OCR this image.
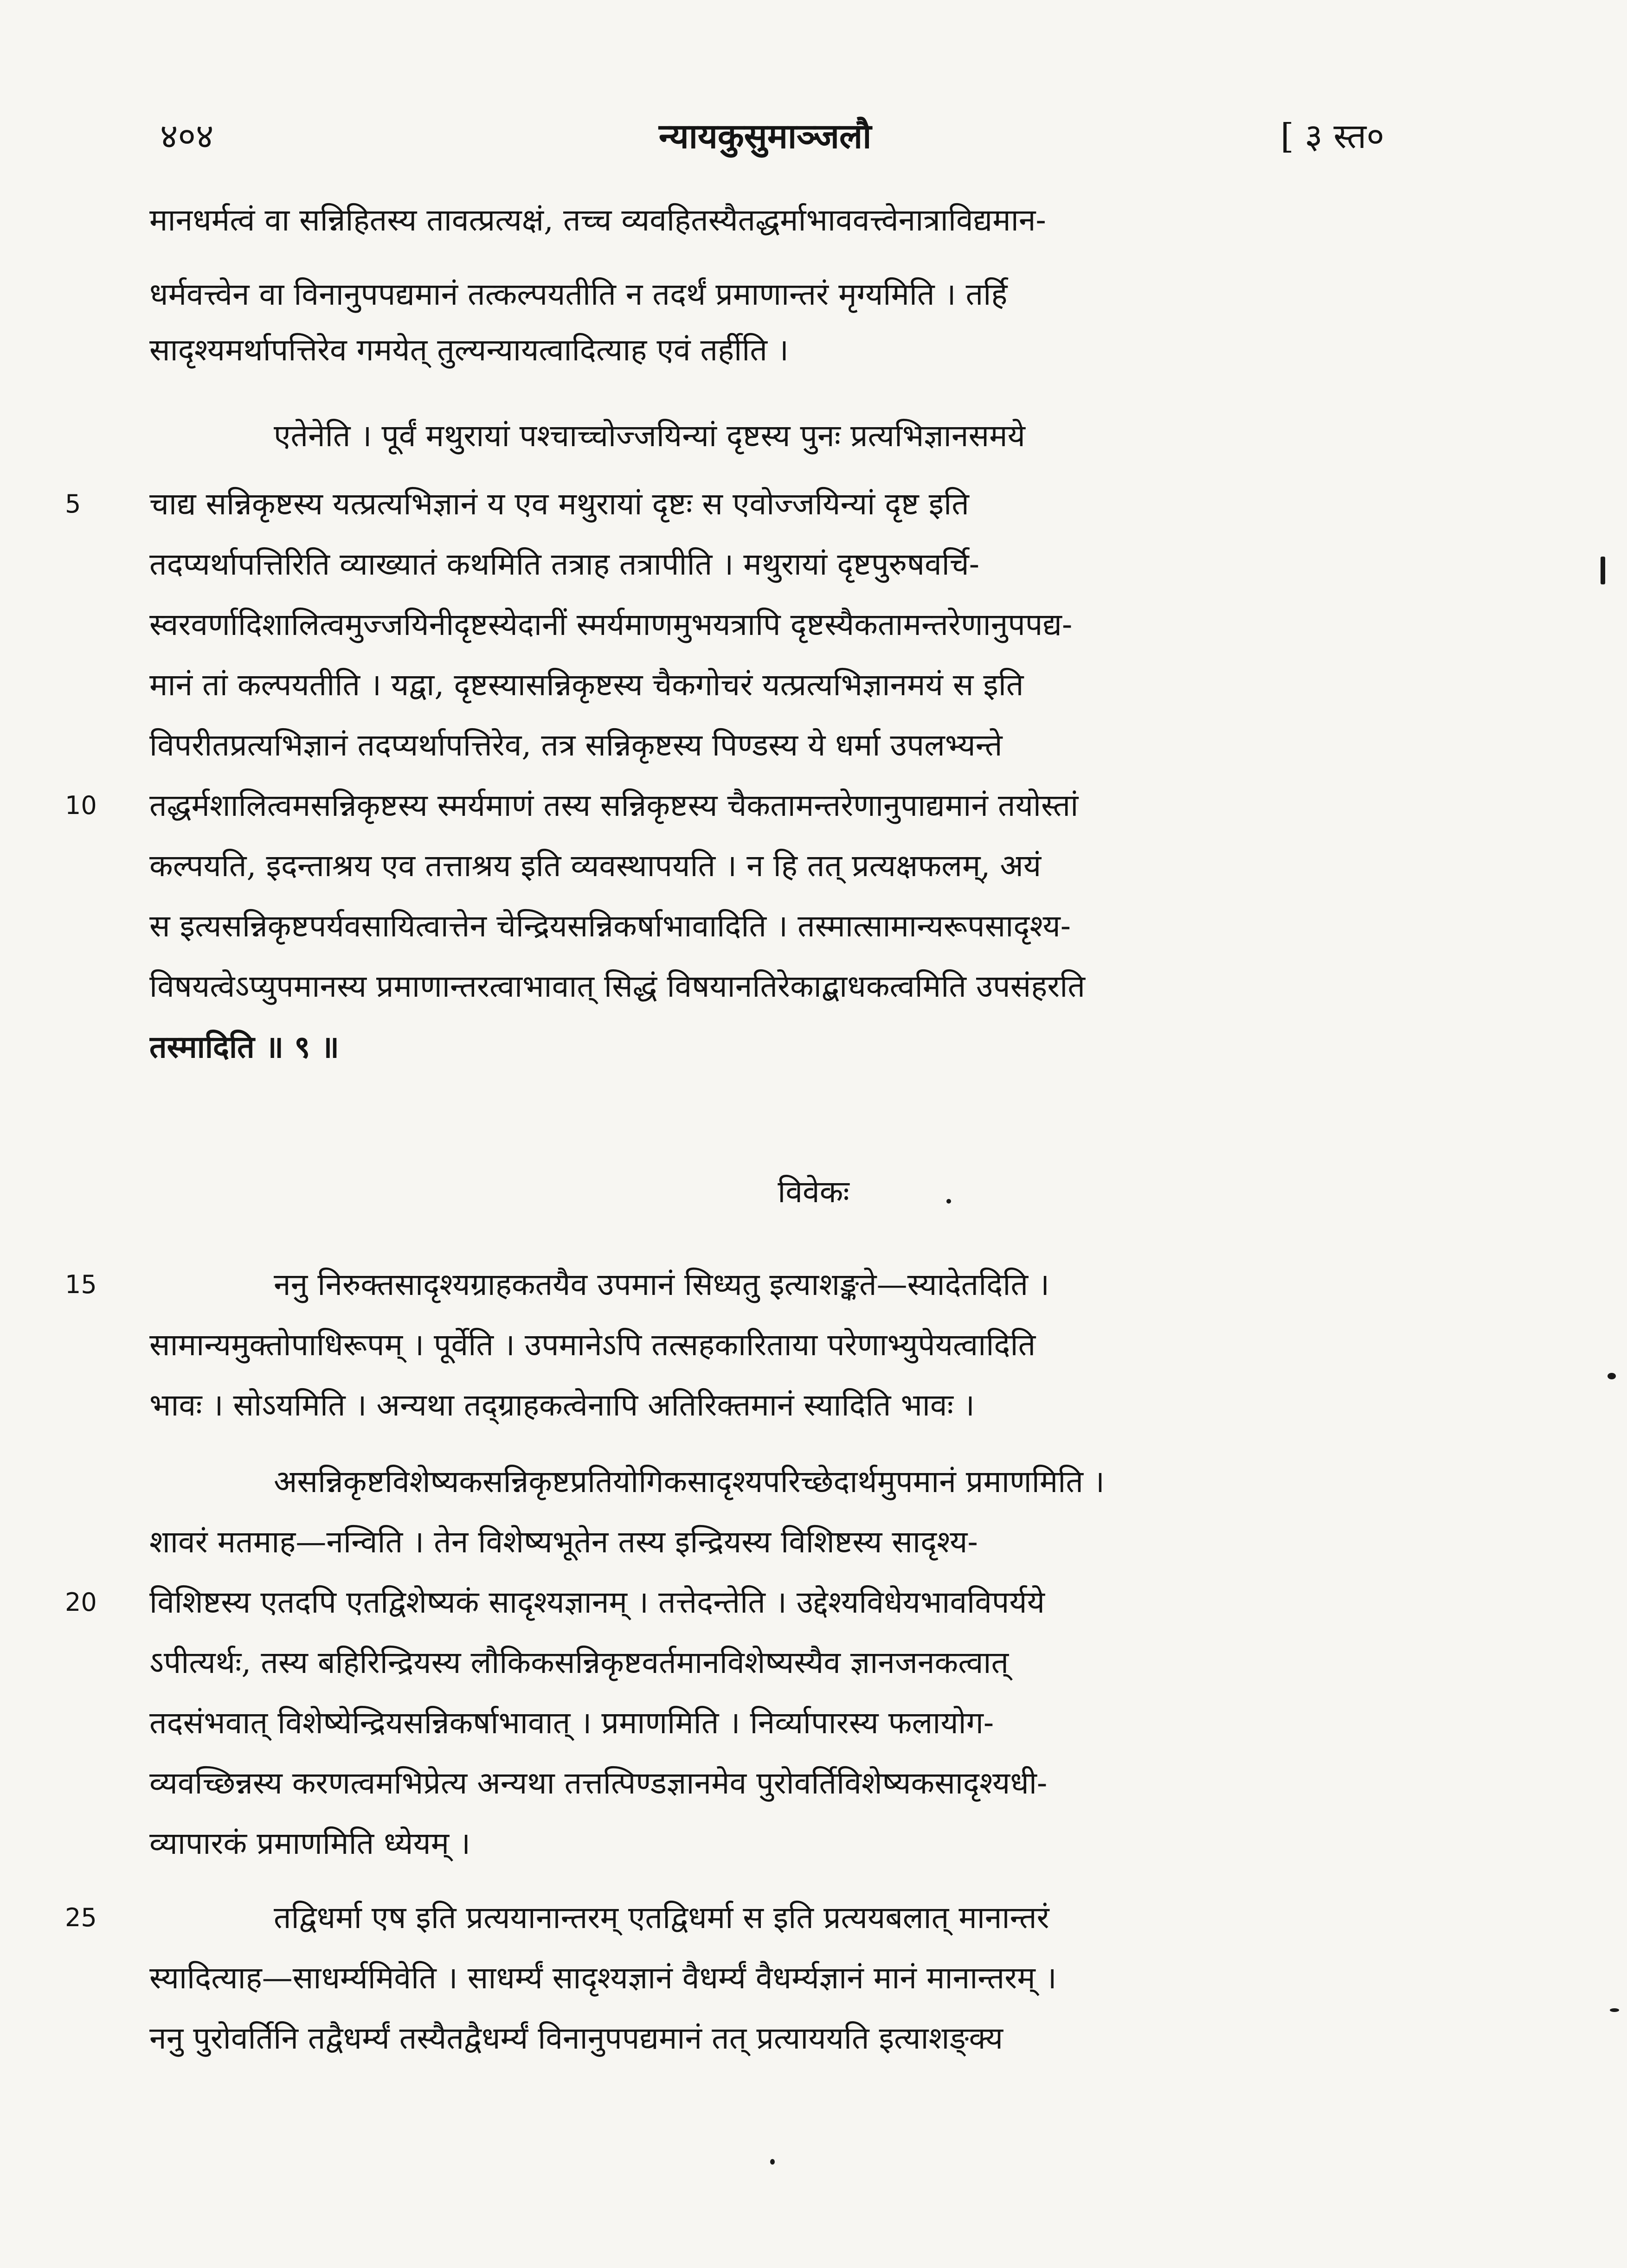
४०४	न्यायकुसुमाञ्जलौ	[ ३ स्त०
5
10
15
20
25
मानधर्मत्वं वा सन्निहितस्य तावत्प्रत्यक्षं, तच्च व्यवहितस्यैतद्धर्माभाववत्त्वेनात्राविद्यमान-
धर्मवत्त्वेन वा विनानुपपद्यमानं तत्कल्पयतीति न तदर्थं प्रमाणान्तरं मृग्यमिति । तर्हि
सादृश्यमर्थापत्तिरेव गमयेत् तुल्यन्यायत्वादित्याह एवं तर्हीति ।
एतेनेति । पूर्वं मथुरायां पश्चाच्चोज्जयिन्यां दृष्टस्य पुनः प्रत्यभिज्ञानसमये
चाद्य सन्निकृष्टस्य यत्प्रत्यभिज्ञानं य एव मथुरायां दृष्टः स एवोज्जयिन्यां दृष्ट इति
तदप्यर्थापत्तिरिति व्याख्यातं कथमिति तत्राह तत्रापीति । मथुरायां दृष्टपुरुषवर्चि-
स्वरवर्णादिशालित्वमुज्जयिनीदृष्टस्येदानीं स्मर्यमाणमुभयत्रापि दृष्टस्यैकतामन्तरेणानुपपद्य-
मानं तां कल्पयतीति । यद्वा, दृष्टस्यासन्निकृष्टस्य चैकगोचरं यत्प्रत्यभिज्ञानमयं स इति
विपरीतप्रत्यभिज्ञानं तदप्यर्थापत्तिरेव, तत्र सन्निकृष्टस्य पिण्डस्य ये धर्मा उपलभ्यन्ते
तद्धर्मशालित्वमसन्निकृष्टस्य स्मर्यमाणं तस्य सन्निकृष्टस्य चैकतामन्तरेणानुपाद्यमानं तयोस्तां
कल्पयति, इदन्ताश्रय एव तत्ताश्रय इति व्यवस्थापयति । न हि तत् प्रत्यक्षफलम्, अयं
स इत्यसन्निकृष्टपर्यवसायित्वात्तेन चेन्द्रियसन्निकर्षाभावादिति । तस्मात्सामान्यरूपसादृश्य-
विषयत्वेऽप्युपमानस्य प्रमाणान्तरत्वाभावात् सिद्धं विषयानतिरेकाद्बाधकत्वमिति उपसंहरति
तस्मादिति ॥ ९ ॥
विवेकः
ननु निरुक्तसादृश्यग्राहकतयैव उपमानं सिध्यतु इत्याशङ्कते—स्यादेतदिति ।
सामान्यमुक्तोपाधिरूपम् । पूर्वेति । उपमानेऽपि तत्सहकारिताया परेणाभ्युपेयत्वादिति
भावः । सोऽयमिति । अन्यथा तद्ग्राहकत्वेनापि अतिरिक्तमानं स्यादिति भावः ।
असन्निकृष्टविशेष्यकसन्निकृष्टप्रतियोगिकसादृश्यपरिच्छेदार्थमुपमानं प्रमाणमिति ।
शावरं मतमाह—नन्विति । तेन विशेष्यभूतेन तस्य इन्द्रियस्य विशिष्टस्य सादृश्य-
विशिष्टस्य एतदपि एतद्विशेष्यकं सादृश्यज्ञानम् । तत्तेदन्तेति । उद्देश्यविधेयभावविपर्यये
ऽपीत्यर्थः, तस्य बहिरिन्द्रियस्य लौकिकसन्निकृष्टवर्तमानविशेष्यस्यैव ज्ञानजनकत्वात्
तदसंभवात् विशेष्येन्द्रियसन्निकर्षाभावात् । प्रमाणमिति । निर्व्यापारस्य फलायोग-
व्यवच्छिन्नस्य करणत्वमभिप्रेत्य अन्यथा तत्तत्पिण्डज्ञानमेव पुरोवर्तिविशेष्यकसादृश्यधी-
व्यापारकं प्रमाणमिति ध्येयम् ।
तद्विधर्मा एष इति प्रत्ययानान्तरम् एतद्विधर्मा स इति प्रत्ययबलात् मानान्तरं
स्यादित्याह—साधर्म्यमिवेति । साधर्म्यं सादृश्यज्ञानं वैधर्म्यं वैधर्म्यज्ञानं मानं मानान्तरम् ।
ननु पुरोवर्तिनि तद्वैधर्म्यं तस्यैतद्वैधर्म्यं विनानुपपद्यमानं तत् प्रत्याययति इत्याशङ्क्य
